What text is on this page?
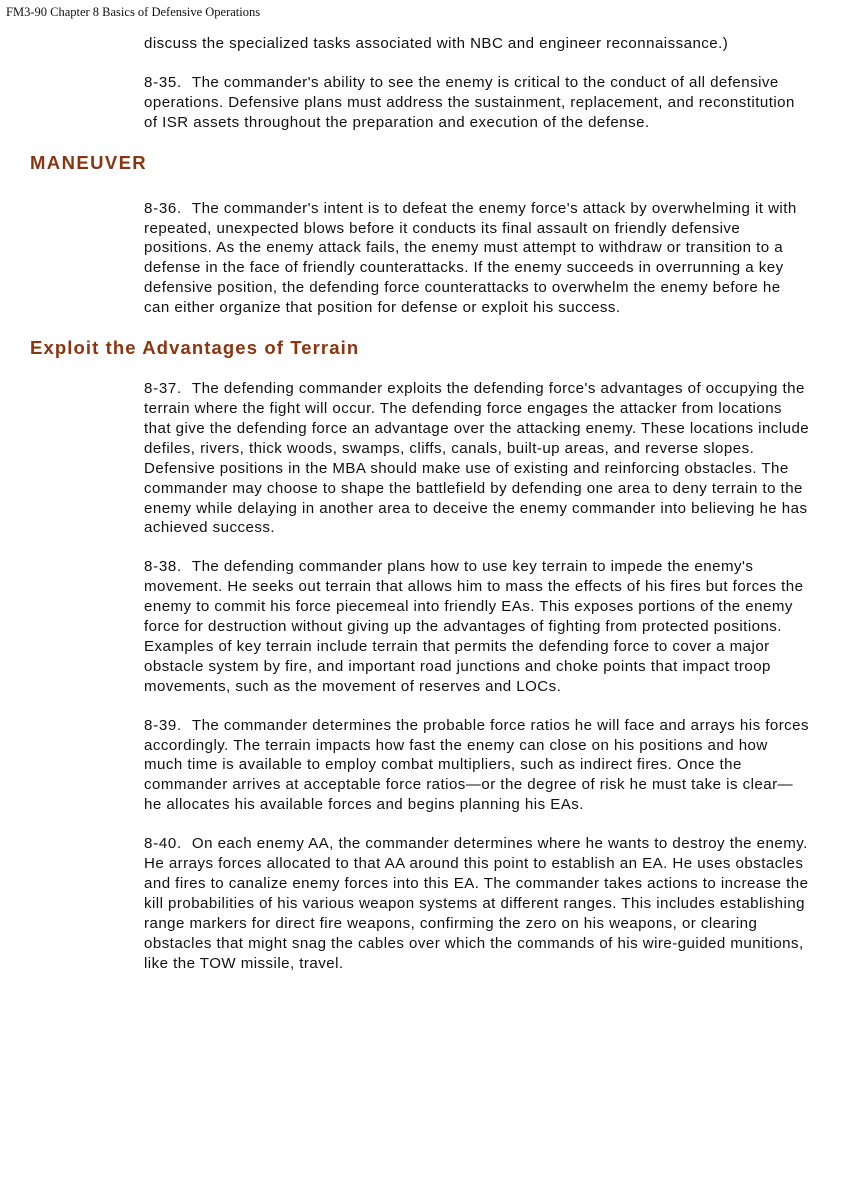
FM3-90 Chapter 8 Basics of Defensive Operations

discuss the specialized tasks associated with NBC and engineer reconnaissance.)

8-35. The commander's ability to see the enemy is critical to the conduct of all defensive operations. Defensive plans must address the sustainment, replacement, and reconstitution of ISR assets throughout the preparation and execution of the defense.

MANEUVER

8-36. The commander's intent is to defeat the enemy force's attack by overwhelming it with repeated, unexpected blows before it conducts its final assault on friendly defensive positions. As the enemy attack fails, the enemy must attempt to withdraw or transition to a defense in the face of friendly counterattacks. If the enemy succeeds in overrunning a key defensive position, the defending force counterattacks to overwhelm the enemy before he can either organize that position for defense or exploit his success.

Exploit the Advantages of Terrain

8-37. The defending commander exploits the defending force's advantages of occupying the terrain where the fight will occur. The defending force engages the attacker from locations that give the defending force an advantage over the attacking enemy. These locations include defiles, rivers, thick woods, swamps, cliffs, canals, built-up areas, and reverse slopes. Defensive positions in the MBA should make use of existing and reinforcing obstacles. The commander may choose to shape the battlefield by defending one area to deny terrain to the enemy while delaying in another area to deceive the enemy commander into believing he has achieved success.

8-38. The defending commander plans how to use key terrain to impede the enemy's movement. He seeks out terrain that allows him to mass the effects of his fires but forces the enemy to commit his force piecemeal into friendly EAs. This exposes portions of the enemy force for destruction without giving up the advantages of fighting from protected positions. Examples of key terrain include terrain that permits the defending force to cover a major obstacle system by fire, and important road junctions and choke points that impact troop movements, such as the movement of reserves and LOCs.

8-39. The commander determines the probable force ratios he will face and arrays his forces accordingly. The terrain impacts how fast the enemy can close on his positions and how much time is available to employ combat multipliers, such as indirect fires. Once the commander arrives at acceptable force ratios—or the degree of risk he must take is clear—he allocates his available forces and begins planning his EAs.

8-40. On each enemy AA, the commander determines where he wants to destroy the enemy. He arrays forces allocated to that AA around this point to establish an EA. He uses obstacles and fires to canalize enemy forces into this EA. The commander takes actions to increase the kill probabilities of his various weapon systems at different ranges. This includes establishing range markers for direct fire weapons, confirming the zero on his weapons, or clearing obstacles that might snag the cables over which the commands of his wire-guided munitions, like the TOW missile, travel.
